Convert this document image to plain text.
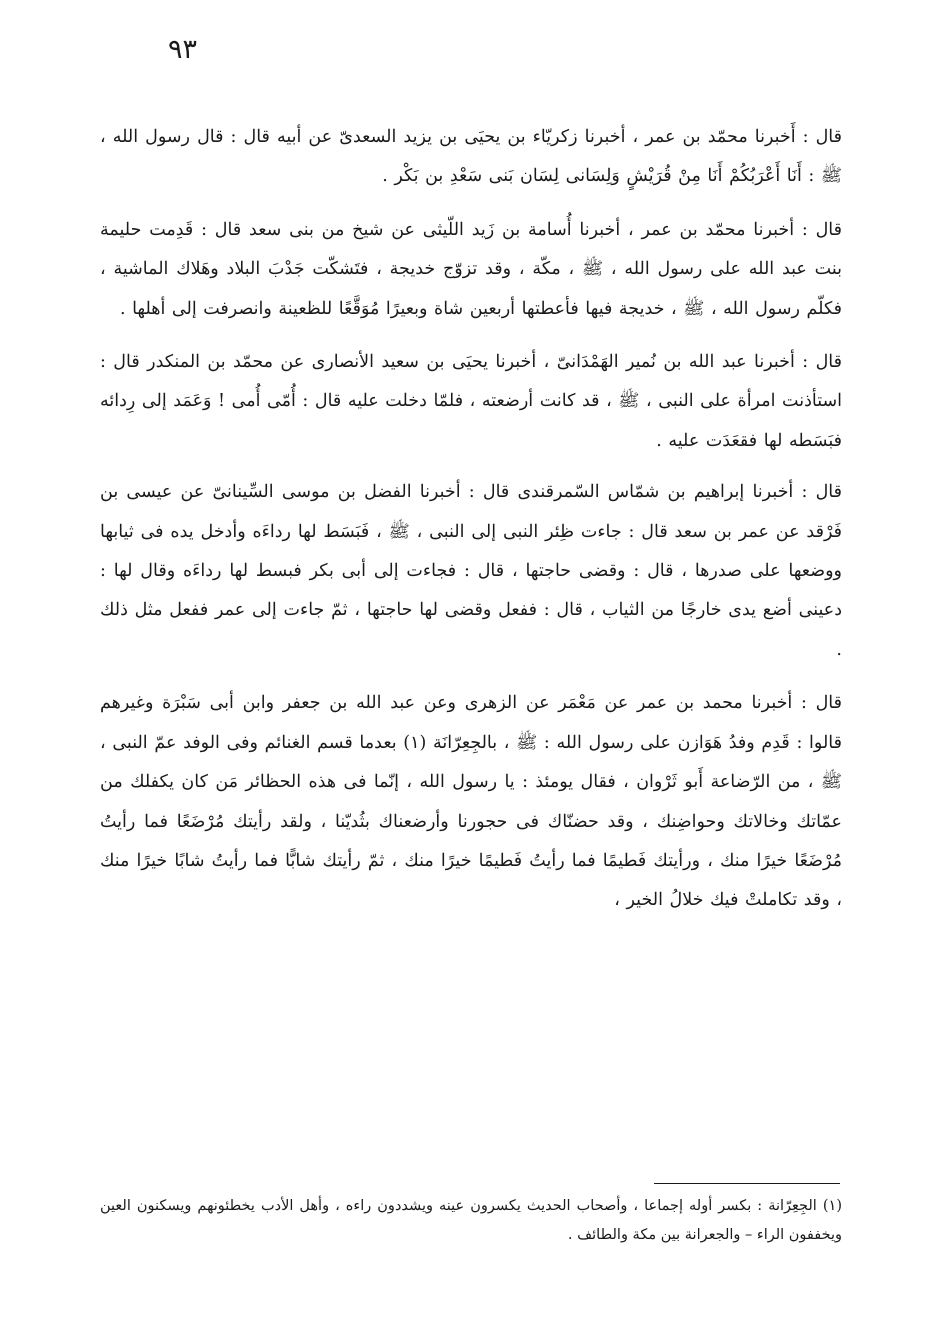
٩٣

قال : أَخبرنا محمّد بن عمر ، أخبرنا زكريّاء بن يحيَى بن يزيد السعدىّ عن أبيه قال : قال رسول الله ، ﷺ : أَنَا أَعْرَبُكُمْ أَنَا مِنْ قُرَيْشٍ وَلِسَانى لِسَان بَنى سَعْدِ بن بَكْر .

قال : أخبرنا محمّد بن عمر ، أخبرنا أُسامة بن زَيد اللّيثى عن شيخ من بنى سعد قال : قَدِمت حليمة بنت عبد الله على رسول الله ، ﷺ ، مكّة ، وقد تزوّج خديجة ، فتَشكّت جَدْبَ البلاد وهَلاك الماشية ، فكلّم رسول الله ، ﷺ ، خديجة فيها فأعطتها أربعين شاة وبعيرًا مُوَقَّعًا للظعينة وانصرفت إلى أهلها .

قال : أخبرنا عبد الله بن نُمير الهَمْدَانىّ ، أخبرنا يحيَى بن سعيد الأنصارى عن محمّد بن المنكدر قال : استأذنت امرأة على النبى ، ﷺ ، قد كانت أرضعته ، فلمّا دخلت عليه قال : أُمّى أُمى ! وَعَمَد إلى رِدائه فبَسَطه لها فقعَدَت عليه .

قال : أخبرنا إبراهيم بن شمّاس السّمرقندى قال : أخبرنا الفضل بن موسى السِّينانىّ عن عيسى بن فَرْقد عن عمر بن سعد قال : جاءت ظِئر النبى إلى النبى ، ﷺ ، فَبَسَط لها رداءَه وأدخل يده فى ثيابها ووضعها على صدرها ، قال : وقضى حاجتها ، قال : فجاءت إلى أبى بكر فبسط لها رداءَه وقال لها : دعينى أضع يدى خارجًا من الثياب ، قال : ففعل وقضى لها حاجتها ، ثمّ جاءت إلى عمر ففعل مثل ذلك .

قال : أخبرنا محمد بن عمر عن مَعْمَر عن الزهرى وعن عبد الله بن جعفر وابن أبى سَبْرَة وغيرهم قالوا : قَدِم وفدُ هَوَازن على رسول الله : ﷺ ، بالجِعِرّانَة (١) بعدما قسم الغنائم وفى الوفد عمّ النبى ، ﷺ ، من الرّضاعة أَبو ثَرْوان ، فقال يومئذ : يا رسول الله ، إنّما فى هذه الحظائر مَن كان يكفلك من عمّاتك وخالاتك وحواضِنك ، وقد حضنّاك فى حجورنا وأرضعناك بثُديّنا ، ولقد رأيتك مُرْضَعًا فما رأيتُ مُرْضَعًا خيرًا منك ، ورأيتك فَطيمًا فما رأيتُ فَطيمًا خيرًا منك ، ثمّ رأيتك شابًّا فما رأيتُ شابًا خيرًا منك ، وقد تكاملتْ فيك خلالُ الخير ،

(١) الجِعِرّانة : بكسر أوله إجماعا ، وأصحاب الحديث يكسرون عينه ويشددون راءه ، وأهل الأدب يخطئونهم ويسكنون العين ويخففون الراء – والجعرانة بين مكة والطائف .
